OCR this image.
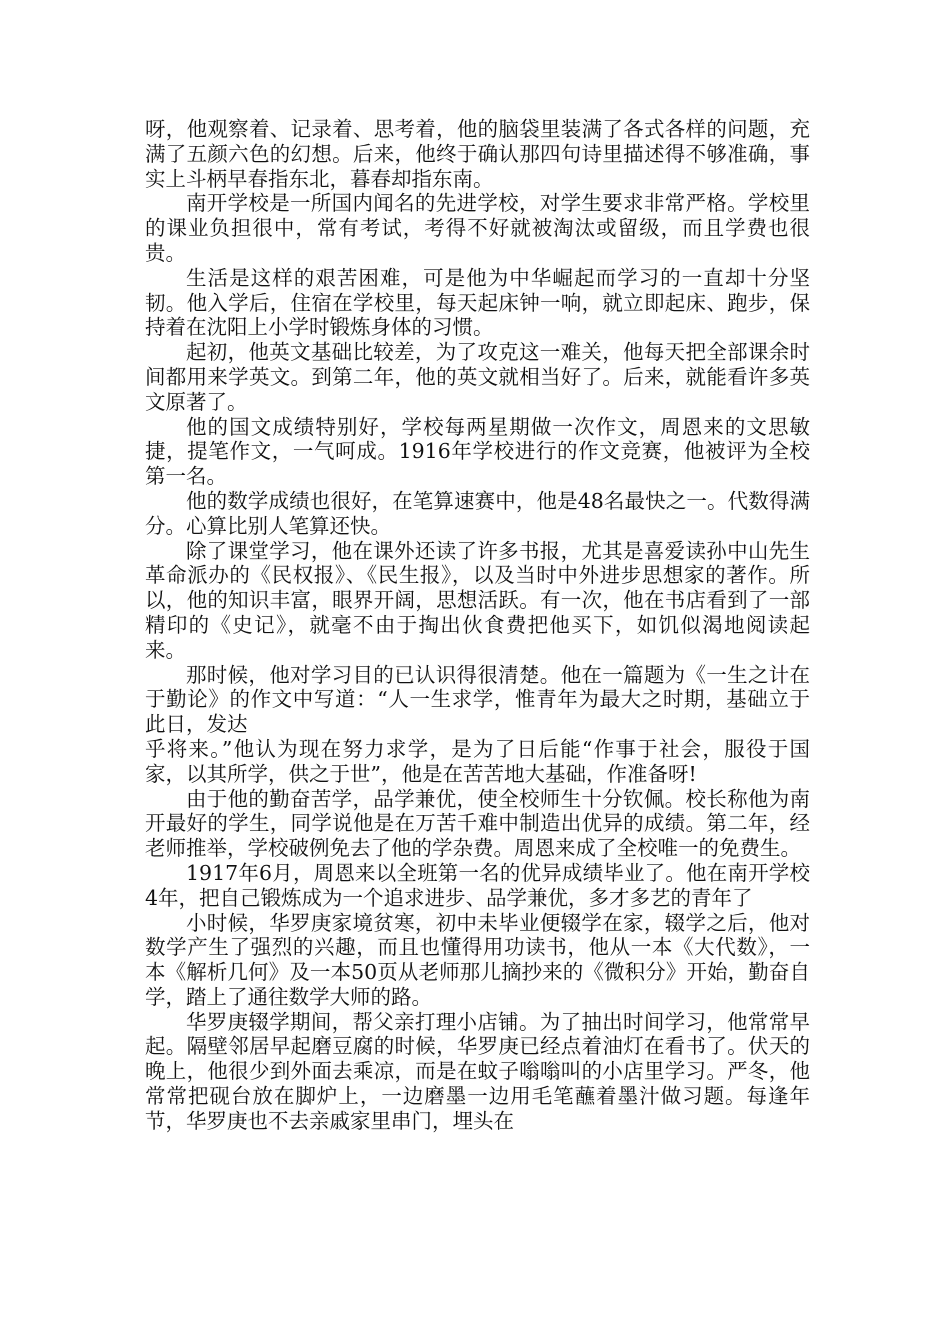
呀，他观察着、记录着、思考着，他的脑袋里装满了各式各样的问题，充满了五颜六色的幻想。后来，他终于确认那四句诗里描述得不够准确，事实上斗柄早春指东北，暮春却指东南。

南开学校是一所国内闻名的先进学校，对学生要求非常严格。学校里的课业负担很中，常有考试，考得不好就被淘汰或留级，而且学费也很贵。

生活是这样的艰苦困难，可是他为中华崛起而学习的一直却十分坚韧。他入学后，住宿在学校里，每天起床钟一响，就立即起床、跑步，保持着在沈阳上小学时锻炼身体的习惯。

起初，他英文基础比较差，为了攻克这一难关，他每天把全部课余时间都用来学英文。到第二年，他的英文就相当好了。后来，就能看许多英文原著了。

他的国文成绩特别好，学校每两星期做一次作文，周恩来的文思敏捷，提笔作文，一气呵成。1916年学校进行的作文竞赛，他被评为全校第一名。

他的数学成绩也很好，在笔算速赛中，他是48名最快之一。代数得满分。心算比别人笔算还快。

除了课堂学习，他在课外还读了许多书报，尤其是喜爱读孙中山先生革命派办的《民权报》、《民生报》，以及当时中外进步思想家的著作。所以，他的知识丰富，眼界开阔，思想活跃。有一次，他在书店看到了一部精印的《史记》，就毫不由于掏出伙食费把他买下，如饥似渴地阅读起来。

那时候，他对学习目的已认识得很清楚。他在一篇题为《一生之计在于勤论》的作文中写道：“人一生求学，惟青年为最大之时期，基础立于此日，发达
乎将来。”他认为现在努力求学，是为了日后能“作事于社会，服役于国家，以其所学，供之于世”，他是在苦苦地大基础，作准备呀!

由于他的勤奋苦学，品学兼优，使全校师生十分钦佩。校长称他为南开最好的学生，同学说他是在万苦千难中制造出优异的成绩。第二年，经老师推举，学校破例免去了他的学杂费。周恩来成了全校唯一的免费生。

1917年6月，周恩来以全班第一名的优异成绩毕业了。他在南开学校4年，把自己锻炼成为一个追求进步、品学兼优，多才多艺的青年了

小时候，华罗庚家境贫寒，初中未毕业便辍学在家，辍学之后，他对数学产生了强烈的兴趣，而且也懂得用功读书，他从一本《大代数》，一本《解析几何》及一本50页从老师那儿摘抄来的《微积分》开始，勤奋自学，踏上了通往数学大师的路。

华罗庚辍学期间，帮父亲打理小店铺。为了抽出时间学习，他常常早起。隔壁邻居早起磨豆腐的时候，华罗庚已经点着油灯在看书了。伏天的晚上，他很少到外面去乘凉，而是在蚊子嗡嗡叫的小店里学习。严冬，他常常把砚台放在脚炉上，一边磨墨一边用毛笔蘸着墨汁做习题。每逢年节，华罗庚也不去亲戚家里串门，埋头在
